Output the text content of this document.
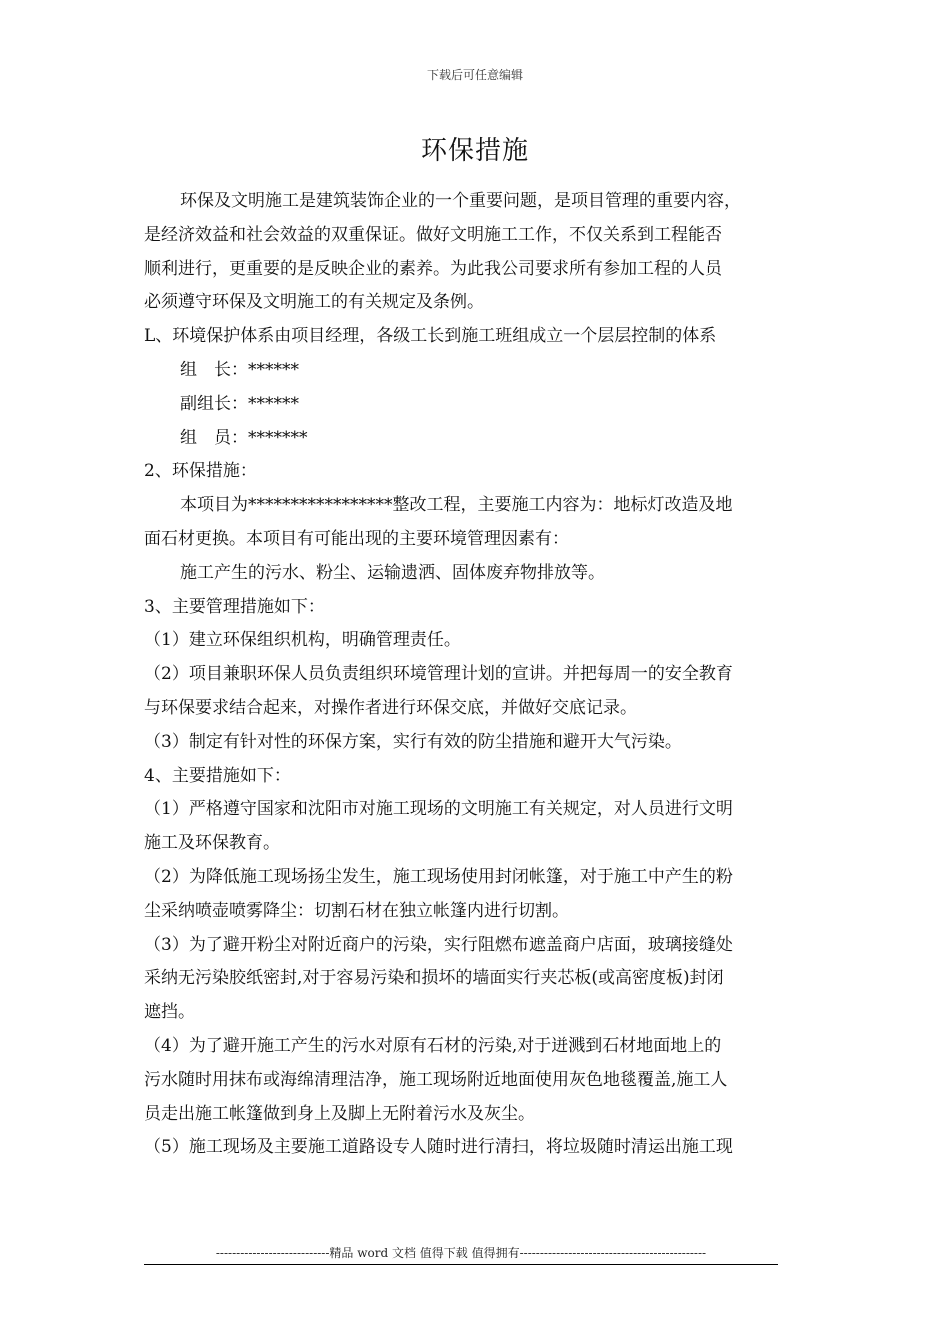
下载后可任意编辑
环保措施
环保及文明施工是建筑装饰企业的一个重要问题，是项目管理的重要内容，
是经济效益和社会效益的双重保证。做好文明施工工作，不仅关系到工程能否
顺利进行，更重要的是反映企业的素养。为此我公司要求所有参加工程的人员
必须遵守环保及文明施工的有关规定及条例。
L、环境保护体系由项目经理，各级工长到施工班组成立一个层层控制的体系
组　长：******
副组长：******
组　员：*******
2、环保措施：
本项目为*****************整改工程，主要施工内容为：地标灯改造及地
面石材更换。本项目有可能出现的主要环境管理因素有：
施工产生的污水、粉尘、运输遗洒、固体废弃物排放等。
3、主要管理措施如下：
（1）建立环保组织机构，明确管理责任。
（2）项目兼职环保人员负责组织环境管理计划的宣讲。并把每周一的安全教育
与环保要求结合起来，对操作者进行环保交底，并做好交底记录。
（3）制定有针对性的环保方案，实行有效的防尘措施和避开大气污染。
4、主要措施如下：
（1）严格遵守国家和沈阳市对施工现场的文明施工有关规定，对人员进行文明
施工及环保教育。
（2）为降低施工现场扬尘发生，施工现场使用封闭帐篷，对于施工中产生的粉
尘采纳喷壶喷雾降尘：切割石材在独立帐篷内进行切割。
（3）为了避开粉尘对附近商户的污染，实行阻燃布遮盖商户店面，玻璃接缝处
采纳无污染胶纸密封,对于容易污染和损坏的墙面实行夹芯板(或高密度板)封闭
遮挡。
（4）为了避开施工产生的污水对原有石材的污染,对于迸溅到石材地面地上的
污水随时用抹布或海绵清理洁净，施工现场附近地面使用灰色地毯覆盖,施工人
员走出施工帐篷做到身上及脚上无附着污水及灰尘。
（5）施工现场及主要施工道路设专人随时进行清扫，将垃圾随时清运出施工现
----------------------------精品 word 文档 值得下载 值得拥有----------------------------------------------
